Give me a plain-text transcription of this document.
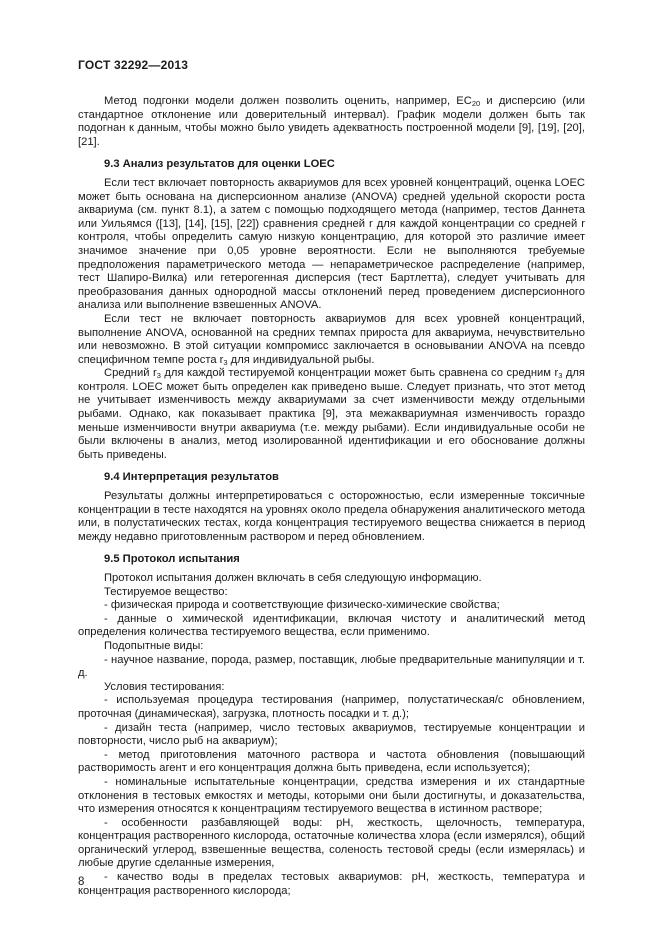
ГОСТ 32292—2013

Метод подгонки модели должен позволить оценить, например, $EC_{20}$ и дисперсию (или стандартное отклонение или доверительный интервал). График модели должен быть так подогнан к данным, чтобы можно было увидеть адекватность построенной модели [9], [19], [20], [21].

9.3 Анализ результатов для оценки LOEC

Если тест включает повторность аквариумов для всех уровней концентраций, оценка LOEC может быть основана на дисперсионном анализе (ANOVA) средней удельной скорости роста аквариума (см. пункт 8.1), а затем с помощью подходящего метода (например, тестов Даннета или Уильямся ([13], [14], [15], [22]) сравнения средней r для каждой концентрации со средней r контроля, чтобы определить самую низкую концентрацию, для которой это различие имеет значимое значение при 0,05 уровне вероятности. Если не выполняются требуемые предположения параметрического метода — непараметрическое распределение (например, тест Шапиро-Вилка) или гетерогенная дисперсия (тест Бартлетта), следует учитывать для преобразования данных однородной массы отклонений перед проведением дисперсионного анализа или выполнение взвешенных ANOVA.

Если тест не включает повторность аквариумов для всех уровней концентраций, выполнение ANOVA, основанной на средних темпах прироста для аквариума, нечувствительно или невозможно. В этой ситуации компромисс заключается в основывании ANOVA на псевдо специфичном темпе роста $r_3$ для индивидуальной рыбы.

Средний $r_3$ для каждой тестируемой концентрации может быть сравнена со средним $r_3$ для контроля. LOEC может быть определен как приведено выше. Следует признать, что этот метод не учитывает изменчивость между аквариумами за счет изменчивости между отдельными рыбами. Однако, как показывает практика [9], эта межаквариумная изменчивость гораздо меньше изменчивости внутри аквариума (т.е. между рыбами). Если индивидуальные особи не были включены в анализ, метод изолированной идентификации и его обоснование должны быть приведены.

9.4 Интерпретация результатов

Результаты должны интерпретироваться с осторожностью, если измеренные токсичные концентрации в тесте находятся на уровнях около предела обнаружения аналитического метода или, в полустатических тестах, когда концентрация тестируемого вещества снижается в период между недавно приготовленным раствором и перед обновлением.

9.5 Протокол испытания

Протокол испытания должен включать в себя следующую информацию.

Тестируемое вещество:

- физическая природа и соответствующие физическо-химические свойства;

- данные о химической идентификации, включая чистоту и аналитический метод определения количества тестируемого вещества, если применимо.

Подопытные виды:

- научное название, порода, размер, поставщик, любые предварительные манипуляции и т. д.

Условия тестирования:

- используемая процедура тестирования (например, полустатическая/с обновлением, проточная (динамическая), загрузка, плотность посадки и т. д.);

- дизайн теста (например, число тестовых аквариумов, тестируемые концентрации и повторности, число рыб на аквариум);

- метод приготовления маточного раствора и частота обновления (повышающий растворимость агент и его концентрация должна быть приведена, если используется);

- номинальные испытательные концентрации, средства измерения и их стандартные отклонения в тестовых емкостях и методы, которыми они были достигнуты, и доказательства, что измерения относятся к концентрациям тестируемого вещества в истинном растворе;

- особенности разбавляющей воды: pH, жесткость, щелочность, температура, концентрация растворенного кислорода, остаточные количества хлора (если измерялся), общий органический углерод, взвешенные вещества, соленость тестовой среды (если измерялась) и любые другие сделанные измерения,

- качество воды в пределах тестовых аквариумов: pH, жесткость, температура и концентрация растворенного кислорода;

8
